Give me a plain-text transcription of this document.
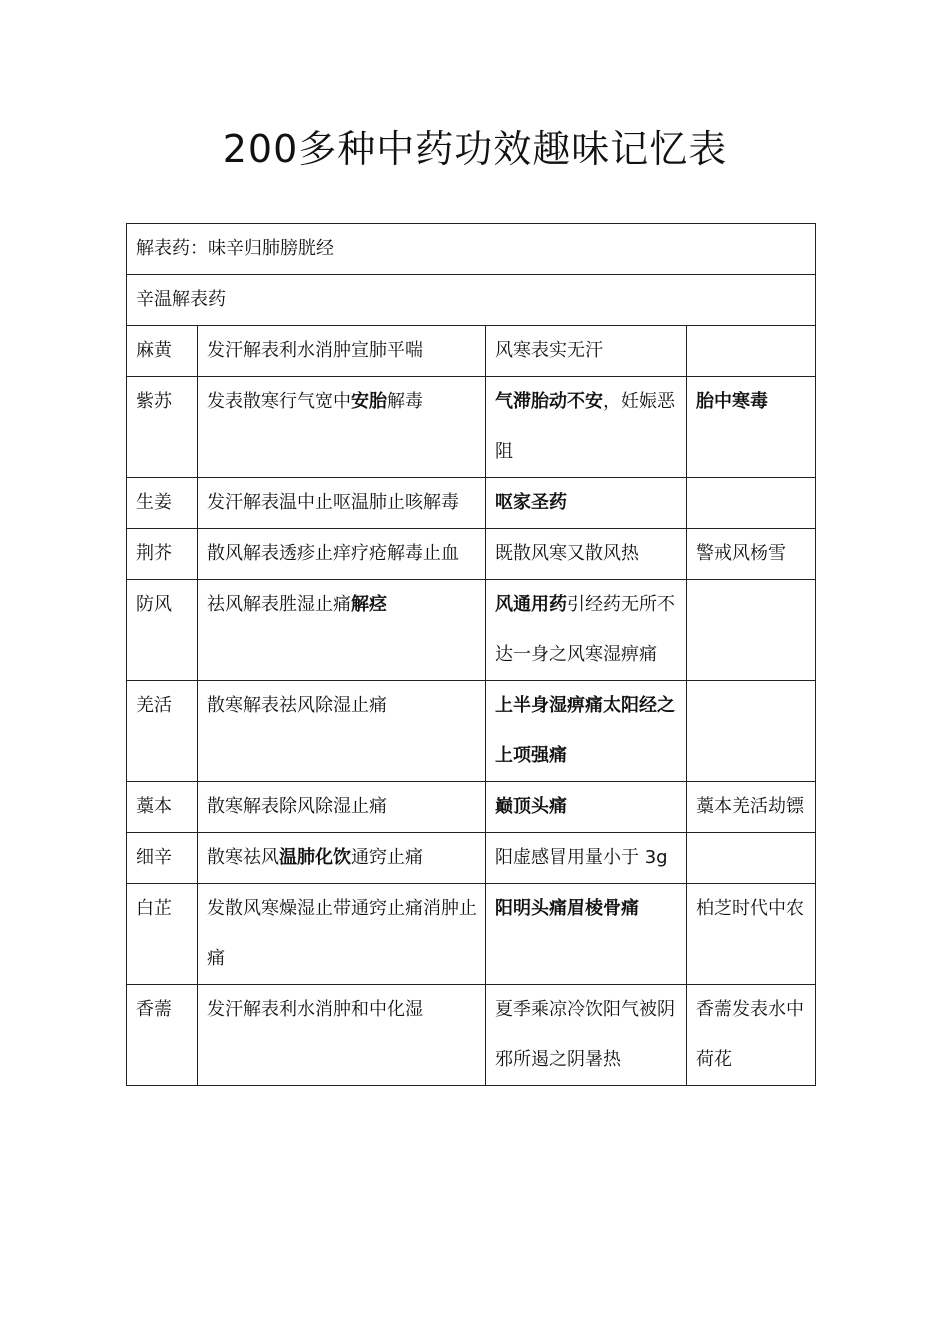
200多种中药功效趣味记忆表
解表药：味辛归肺膀胱经			
辛温解表药			
麻黄	发汗解表利水消肿宣肺平喘	风寒表实无汗	
紫苏	发表散寒行气宽中安胎解毒	气滞胎动不安，妊娠恶阻	胎中寒毒
生姜	发汗解表温中止呕温肺止咳解毒	呕家圣药	
荆芥	散风解表透疹止痒疗疮解毒止血	既散风寒又散风热	警戒风杨雪
防风	祛风解表胜湿止痛解痉	风通用药引经药无所不达一身之风寒湿痹痛	
羌活	散寒解表祛风除湿止痛	上半身湿痹痛太阳经之上项强痛	
藁本	散寒解表除风除湿止痛	巅顶头痛	藁本羌活劫镖
细辛	散寒祛风温肺化饮通窍止痛	阳虚感冒用量小于 3g	
白芷	发散风寒燥湿止带通窍止痛消肿止痛	阳明头痛眉棱骨痛	柏芝时代中农
香薷	发汗解表利水消肿和中化湿	夏季乘凉冷饮阳气被阴邪所遏之阴暑热	香薷发表水中荷花
